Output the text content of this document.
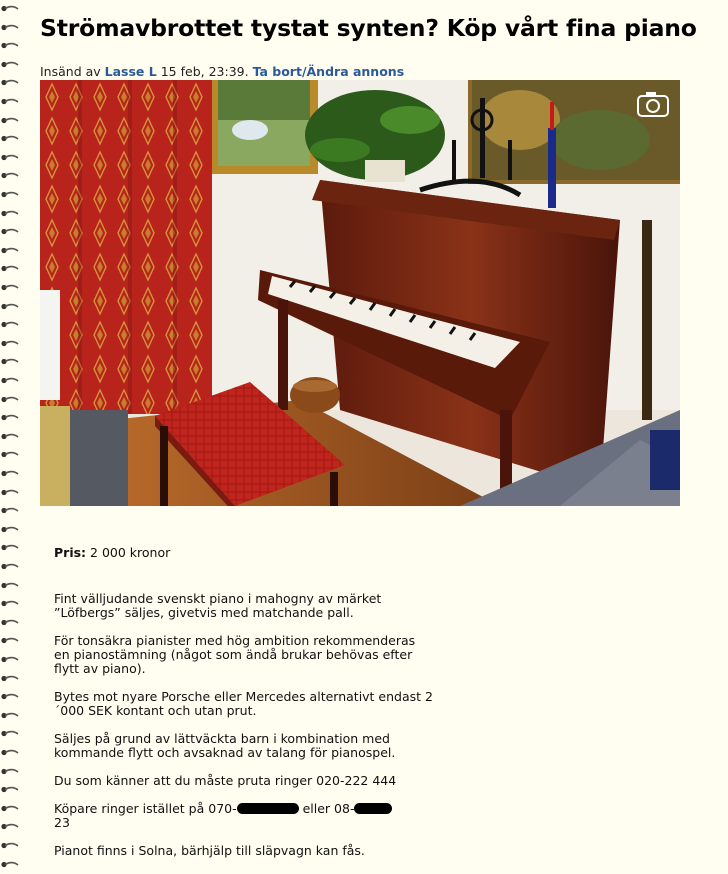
Strömavbrottet tystat synten? Köp vårt fina piano
Insänd av Lasse L 15 feb, 23:39. Ta bort/Ändra annons

Pris: 2 000 kronor

Fint välljudande svenskt piano i mahogny av märket ”Löfbergs” säljes, givetvis med matchande pall.

För tonsäkra pianister med hög ambition rekommenderas en pianostämning (något som ändå brukar behövas efter flytt av piano).

Bytes mot nyare Porsche eller Mercedes alternativt endast 2´000 SEK kontant och utan prut.

Säljes på grund av lättväckta barn i kombination med kommande flytt och avsaknad av talang för pianospel.

Du som känner att du måste pruta ringer 020-222 444

Köpare ringer istället på 070-	eller 08-
23

Pianot finns i Solna, bärhjälp till släpvagn kan fås.
